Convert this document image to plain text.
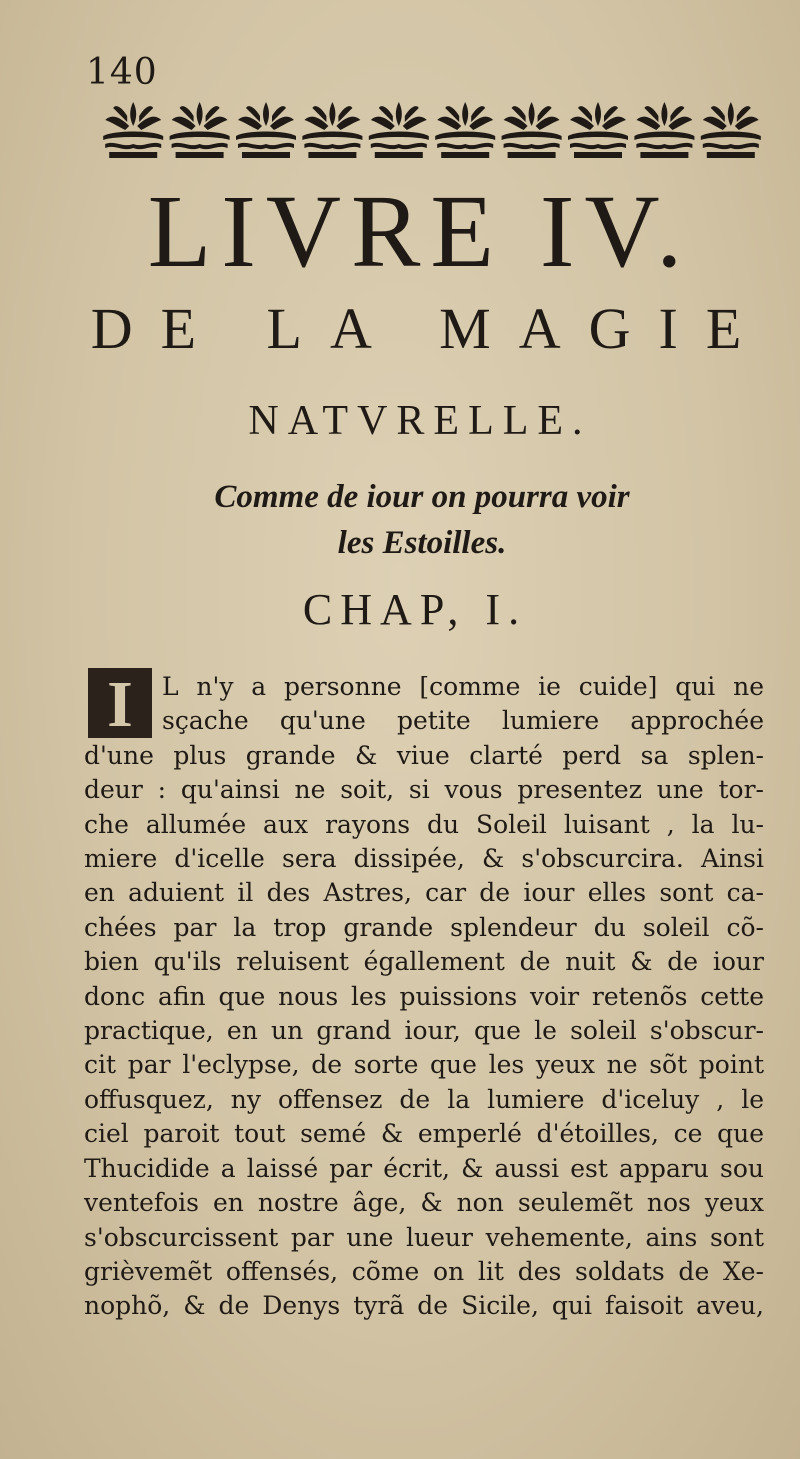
140
LIVRE IV.
DE LA MAGIE
NATVRELLE.
Comme de iour on pourra voir
les Estoilles.
CHAP, I.
I	L n'y a personne [comme ie cuide] qui ne
sçache qu'une petite lumiere approchée
d'une plus grande & viue clarté perd sa splen-
deur : qu'ainsi ne soit, si vous presentez une tor-
che allumée aux rayons du Soleil luisant , la lu-
miere d'icelle sera dissipée, & s'obscurcira. Ainsi
en aduient il des Astres, car de iour elles sont ca-
chées par la trop grande splendeur du soleil cõ-
bien qu'ils reluisent égallement de nuit & de iour
donc afin que nous les puissions voir retenõs cette
practique, en un grand iour, que le soleil s'obscur-
cit par l'eclypse, de sorte que les yeux ne sõt point
offusquez, ny offensez de la lumiere d'iceluy , le
ciel paroit tout semé & emperlé d'étoilles, ce que
Thucidide a laissé par écrit, & aussi est apparu sou
ventefois en nostre âge, & non seulemẽt nos yeux
s'obscurcissent par une lueur vehemente, ains sont
grièvemẽt offensés, cõme on lit des soldats de Xe-
nophõ, & de Denys tyrã de Sicile, qui faisoit aveu,
